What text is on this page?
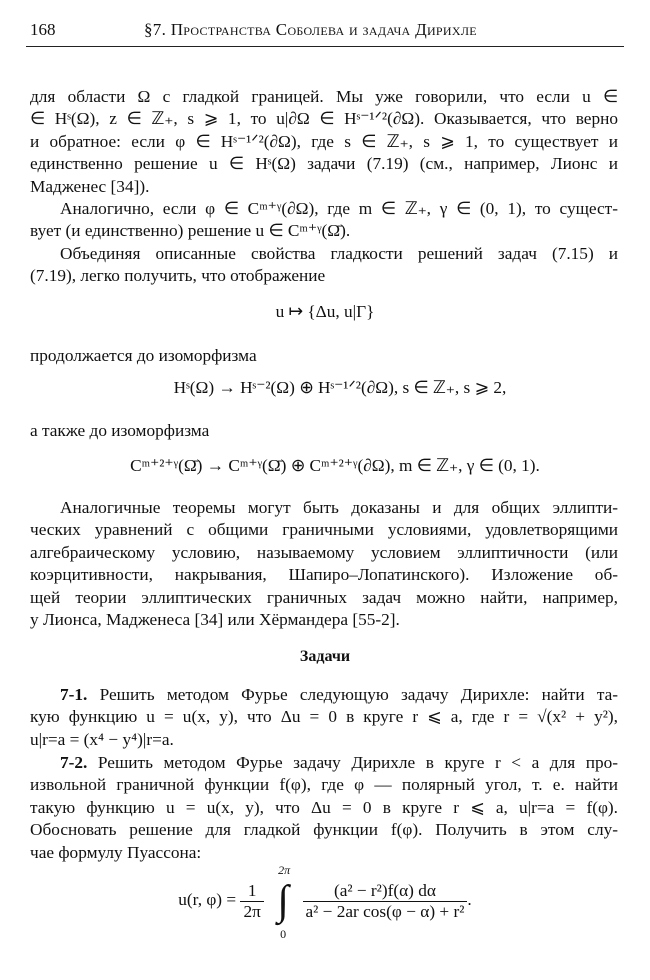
168	§7. Пространства Соболева и задача Дирихле
для области Ω с гладкой границей. Мы уже говорили, что если u ∈
∈ Hˢ(Ω), z ∈ ℤ₊, s ⩾ 1, то u|∂Ω ∈ Hˢ⁻¹ᐟ²(∂Ω). Оказывается, что верно
и обратное: если φ ∈ Hˢ⁻¹ᐟ²(∂Ω), где s ∈ ℤ₊, s ⩾ 1, то существует и
единственно решение u ∈ Hˢ(Ω) задачи (7.19) (см., например, Лионс и
Мадженес [34]).
Аналогично, если φ ∈ Cᵐ⁺ᵞ(∂Ω), где m ∈ ℤ₊, γ ∈ (0, 1), то сущест-
вует (и единственно) решение u ∈ Cᵐ⁺ᵞ(Ω̄).
Объединяя описанные свойства гладкости решений задач (7.15) и
(7.19), легко получить, что отображение
u ↦ {Δu, u|Γ}
продолжается до изоморфизма
Hˢ(Ω) → Hˢ⁻²(Ω) ⊕ Hˢ⁻¹ᐟ²(∂Ω), s ∈ ℤ₊, s ⩾ 2,
а также до изоморфизма
Cᵐ⁺²⁺ᵞ(Ω̄) → Cᵐ⁺ᵞ(Ω̄) ⊕ Cᵐ⁺²⁺ᵞ(∂Ω), m ∈ ℤ₊, γ ∈ (0, 1).
Аналогичные теоремы могут быть доказаны и для общих эллипти-
ческих уравнений с общими граничными условиями, удовлетворящими
алгебраическому условию, называемому условием эллиптичности (или
коэрцитивности, накрывания, Шапиро–Лопатинского). Изложение об-
щей теории эллиптических граничных задач можно найти, например,
у Лионса, Мадженеса [34] или Хёрмандера [55-2].
Задачи
7-1. Решить методом Фурье следующую задачу Дирихле: найти та-
кую функцию u = u(x, y), что Δu = 0 в круге r ⩽ a, где r = √(x² + y²),
u|r=a = (x⁴ − y⁴)|r=a.
7-2. Решить методом Фурье задачу Дирихле в круге r < a для про-
извольной граничной функции f(φ), где φ — полярный угол, т. е. найти
такую функцию u = u(x, y), что Δu = 0 в круге r ⩽ a, u|r=a = f(φ).
Обосновать решение для гладкой функции f(φ). Получить в этом слу-
чае формулу Пуассона:
u(r, $\varphi) = \frac{1}{2\pi}$ ∫
2π
0

$\frac{\text{(a² − r²)f(α) dα}}{\text{a² − 2ar cos(φ − α) + r²}}$ .
